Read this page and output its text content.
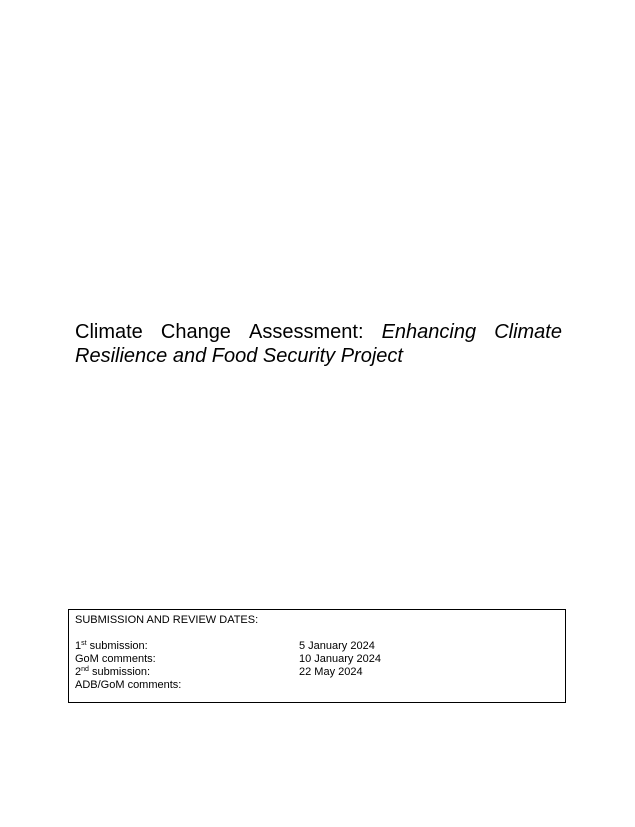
Climate Change Assessment: Enhancing Climate
Resilience and Food Security Project
SUBMISSION AND REVIEW DATES:
1st submission:	5 January 2024
GoM comments:	10 January 2024
2nd submission:	22 May 2024
ADB/GoM comments:
